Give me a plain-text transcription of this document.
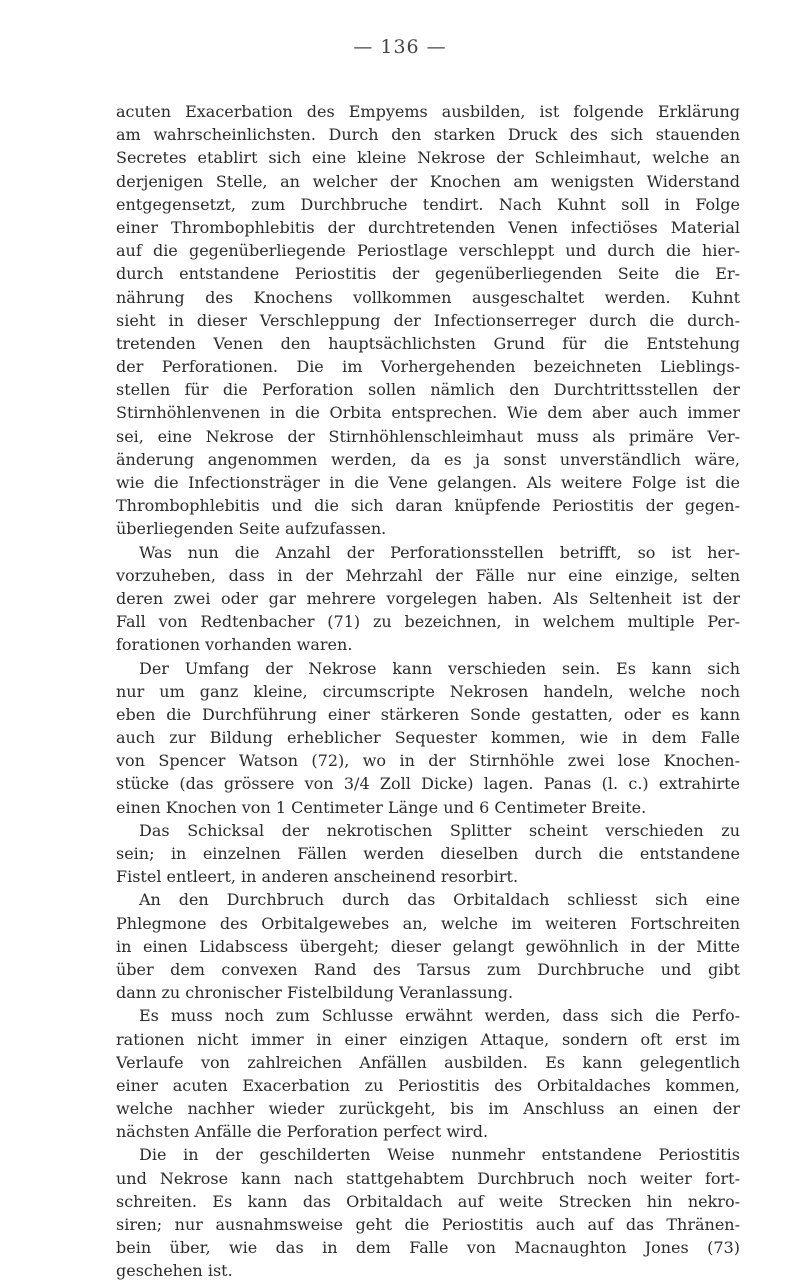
— 136 —
acuten Exacerbation des Empyems ausbilden, ist folgende Erklärung
am wahrscheinlichsten. Durch den starken Druck des sich stauenden
Secretes etablirt sich eine kleine Nekrose der Schleimhaut, welche an
derjenigen Stelle, an welcher der Knochen am wenigsten Widerstand
entgegensetzt, zum Durchbruche tendirt. Nach Kuhnt soll in Folge
einer Thrombophlebitis der durchtretenden Venen infectiöses Material
auf die gegenüberliegende Periostlage verschleppt und durch die hier-
durch entstandene Periostitis der gegenüberliegenden Seite die Er-
nährung des Knochens vollkommen ausgeschaltet werden. Kuhnt
sieht in dieser Verschleppung der Infectionserreger durch die durch-
tretenden Venen den hauptsächlichsten Grund für die Entstehung
der Perforationen. Die im Vorhergehenden bezeichneten Lieblings-
stellen für die Perforation sollen nämlich den Durchtrittsstellen der
Stirnhöhlenvenen in die Orbita entsprechen. Wie dem aber auch immer
sei, eine Nekrose der Stirnhöhlenschleimhaut muss als primäre Ver-
änderung angenommen werden, da es ja sonst unverständlich wäre,
wie die Infectionsträger in die Vene gelangen. Als weitere Folge ist die
Thrombophlebitis und die sich daran knüpfende Periostitis der gegen-
überliegenden Seite aufzufassen.
Was nun die Anzahl der Perforationsstellen betrifft, so ist her-
vorzuheben, dass in der Mehrzahl der Fälle nur eine einzige, selten
deren zwei oder gar mehrere vorgelegen haben. Als Seltenheit ist der
Fall von Redtenbacher (71) zu bezeichnen, in welchem multiple Per-
forationen vorhanden waren.
Der Umfang der Nekrose kann verschieden sein. Es kann sich
nur um ganz kleine, circumscripte Nekrosen handeln, welche noch
eben die Durchführung einer stärkeren Sonde gestatten, oder es kann
auch zur Bildung erheblicher Sequester kommen, wie in dem Falle
von Spencer Watson (72), wo in der Stirnhöhle zwei lose Knochen-
stücke (das grössere von 3/4 Zoll Dicke) lagen. Panas (l. c.) extrahirte
einen Knochen von 1 Centimeter Länge und 6 Centimeter Breite.
Das Schicksal der nekrotischen Splitter scheint verschieden zu
sein; in einzelnen Fällen werden dieselben durch die entstandene
Fistel entleert, in anderen anscheinend resorbirt.
An den Durchbruch durch das Orbitaldach schliesst sich eine
Phlegmone des Orbitalgewebes an, welche im weiteren Fortschreiten
in einen Lidabscess übergeht; dieser gelangt gewöhnlich in der Mitte
über dem convexen Rand des Tarsus zum Durchbruche und gibt
dann zu chronischer Fistelbildung Veranlassung.
Es muss noch zum Schlusse erwähnt werden, dass sich die Perfo-
rationen nicht immer in einer einzigen Attaque, sondern oft erst im
Verlaufe von zahlreichen Anfällen ausbilden. Es kann gelegentlich
einer acuten Exacerbation zu Periostitis des Orbitaldaches kommen,
welche nachher wieder zurückgeht, bis im Anschluss an einen der
nächsten Anfälle die Perforation perfect wird.
Die in der geschilderten Weise nunmehr entstandene Periostitis
und Nekrose kann nach stattgehabtem Durchbruch noch weiter fort-
schreiten. Es kann das Orbitaldach auf weite Strecken hin nekro-
siren; nur ausnahmsweise geht die Periostitis auch auf das Thränen-
bein über, wie das in dem Falle von Macnaughton Jones (73)
geschehen ist.
